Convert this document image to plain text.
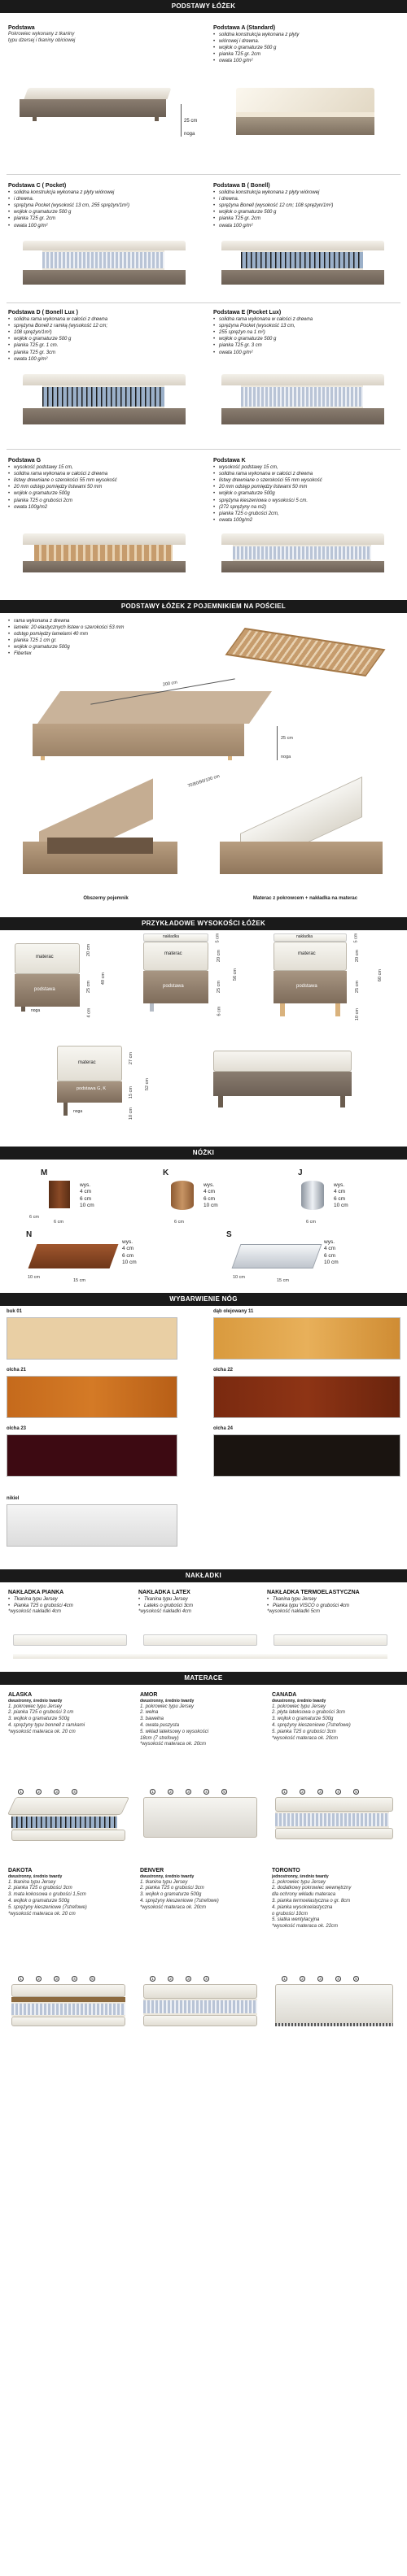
PODSTAWY ŁÓŻEK
Podstawa
Pokrowiec wykonany z tkaniny
typu dzersej i tkaniny obiciowej
Podstawa A (Standard)
• solidna konstrukcja wykonana z płyty
• wiórowej i drewna.
• wojłok o gramaturze 500 g
• pianka T25 gr. 2cm
• owata 100 g/m²
25 cm
noga
Podstawa C ( Pocket)
• solidna konstrukcja wykonana z płyty wiórowej
• i drewna.
• sprężyna Pocket (wysokość 13 cm, 255 sprężyn/1m²)
• wojłok o gramaturze 500 g
• pianka T25 gr. 2cm
• owata 100 g/m²
Podstawa B ( Bonell)
• solidna konstrukcja wykonana z płyty wiórowej
• i drewna.
• sprężyna Bonell (wysokość 12 cm; 108 sprężyn/1m²)
• wojłok o gramaturze 500 g
• pianka T25 gr. 2cm
• owata 100 g/m²
Podstawa D ( Bonell Lux )
• solidna rama wykonana w całości z drewna
• sprężyna Bonell z ramką (wysokość 12 cm;
• 108 sprężyn/1m²)
• wojłok o gramaturze 500 g
• pianka T25 gr. 1 cm.
• pianka T25 gr. 3cm
• owata 100 g/m²
Podstawa E (Pocket Lux)
• solidna rama wykonana w całości z drewna
• sprężyna Pocket (wysokość 13 cm,
• 255 sprężyn na 1 m²)
• wojłok o gramaturze 500 g
• pianka T25 gr. 3 cm
• owata 100 g/m²
Podstawa G
• wysokość podstawy 15 cm,
• solidna rama wykonana w całości z drewna
• listwy drewniane o szerokości 55 mm wysokość
• 20 mm odstęp pomiędzy listwami 50 mm
• wojłok o gramaturze 500g
• pianka T25 o grubości 2cm
• owata 100g/m2
Podstawa K
• wysokość podstawy 15 cm,
• solidna rama wykonana w całości z drewna
• listwy drewniane o szerokości 55 mm wysokość
• 20 mm odstęp pomiędzy listwami 50 mm
• wojłok o gramaturze 500g
• sprężyna kieszeniowa o wysokości 5 cm.
• (272 sprężyny na m2)
• pianka T25 o grubości 2cm,
• owata 100g/m2
PODSTAWY ŁÓŻEK Z POJEMNIKIEM NA POŚCIEL
• rama wykonana z drewna
• lamele: 20 elastycznych listew o szerokości 53 mm
• odstęp pomiędzy lamelami 40 mm
• pianka T25 1 cm gr.
• wojłok o gramaturze 500g
• Fibertex
200 cm
25 cm
noga
70/80/90/100 cm
Obszerny pojemnik	Materac z pokrowcem + nakładka na materac
PRZYKŁADOWE WYSOKOŚCI ŁÓŻEK
materac
podstawa
noga
20 cm
25 cm
4 cm
49 cm
nakładka
materac
podstawa
5 cm
20 cm
25 cm
6 cm
56 cm
nakładka
materac
podstawa
5 cm
20 cm
25 cm
10 cm
60 cm
materac
podstawa G, K
noga
27 cm
15 cm
10 cm
52 cm
NÓŻKI
M
wys.
4 cm
6 cm
10 cm
6 cm
6 cm
K
wys.
4 cm
6 cm
10 cm
6 cm
J
wys.
4 cm
6 cm
10 cm
6 cm
N
wys.
4 cm
6 cm
10 cm
10 cm
15 cm
S
wys.
4 cm
6 cm
10 cm
10 cm
15 cm
WYBARWIENIE NÓG
buk 01	dąb olejowany 11
olcha 21	olcha 22
olcha 23	olcha 24
nikiel
NAKŁADKI
NAKŁADKA PIANKA
• Tkanina typu Jersey
• Pianka T25 o grubości 4cm
*wysokość nakładki 4cm
NAKŁADKA LATEX
• Tkanina typu Jersey
• Lateks o grubości 3cm
*wysokość nakładki 4cm
NAKŁADKA TERMOELASTYCZNA
• Tkanina typu Jersey
• Pianka typu VISCO o grubości 4cm
*wysokość nakładki 5cm
MATERACE
ALASKA
dwustronny, średnio twardy
1. pokrowiec typu Jersey
2. pianka T25 o grubości 3 cm
3. wojłok o gramaturze 500g
4. sprężyny typu bonnell z ramkami
*wysokość materaca ok. 20 cm
AMOR
dwustronny, średnio twardy
1. pokrowiec typu Jersey
2. wełna
3. bawełna
4. owata puszysta
5. wkład lateksowy o wysokości
18cm (7 strefowy)
*wysokość materaca ok. 20cm
CANADA
dwustronny, średnio twardy
1. pokrowiec typu Jersey
2. płyta lateksowa o grubości 3cm
3. wojłok o gramaturze 500g
4. sprężyny kieszeniowe (7strefowe)
5. pianka T25 o grubości 3cm
*wysokość materaca ok. 20cm
1	2	3	4	1	2	3	4	5	1	2	3	4	5
DAKOTA
dwustronny, średnio twardy
1. tkanina typu Jersey
2. pianka T25 o grubości 3cm
3. mata kokosowa o grubości 1,5cm
4. wojłok o gramaturze 500g
5. sprężyny kieszeniowe (7strefowe)
*wysokość materaca ok. 20 cm
DENVER
dwustronny, średnio twardy
1. tkanina typu Jersey
2. pianka T25 o grubości 3cm
3. wojłok o gramaturze 500g
4. sprężyny kieszeniowe (7strefowe)
*wysokość materaca ok. 20cm
TORONTO
jednostronny, średnio twardy
1. pokrowiec typu Jersey
2. dodatkowy pokrowiec wewnętrzny
dla ochrony wkładu materaca
3. pianka termoelastyczna o gr. 8cm
4. pianka wysokoelastyczna
o grubości 10cm
5. siatka wentylacyjna
*wysokość materaca ok. 22cm
1	2	3	4	5	1	2	3	4	1	2	3	4	5
